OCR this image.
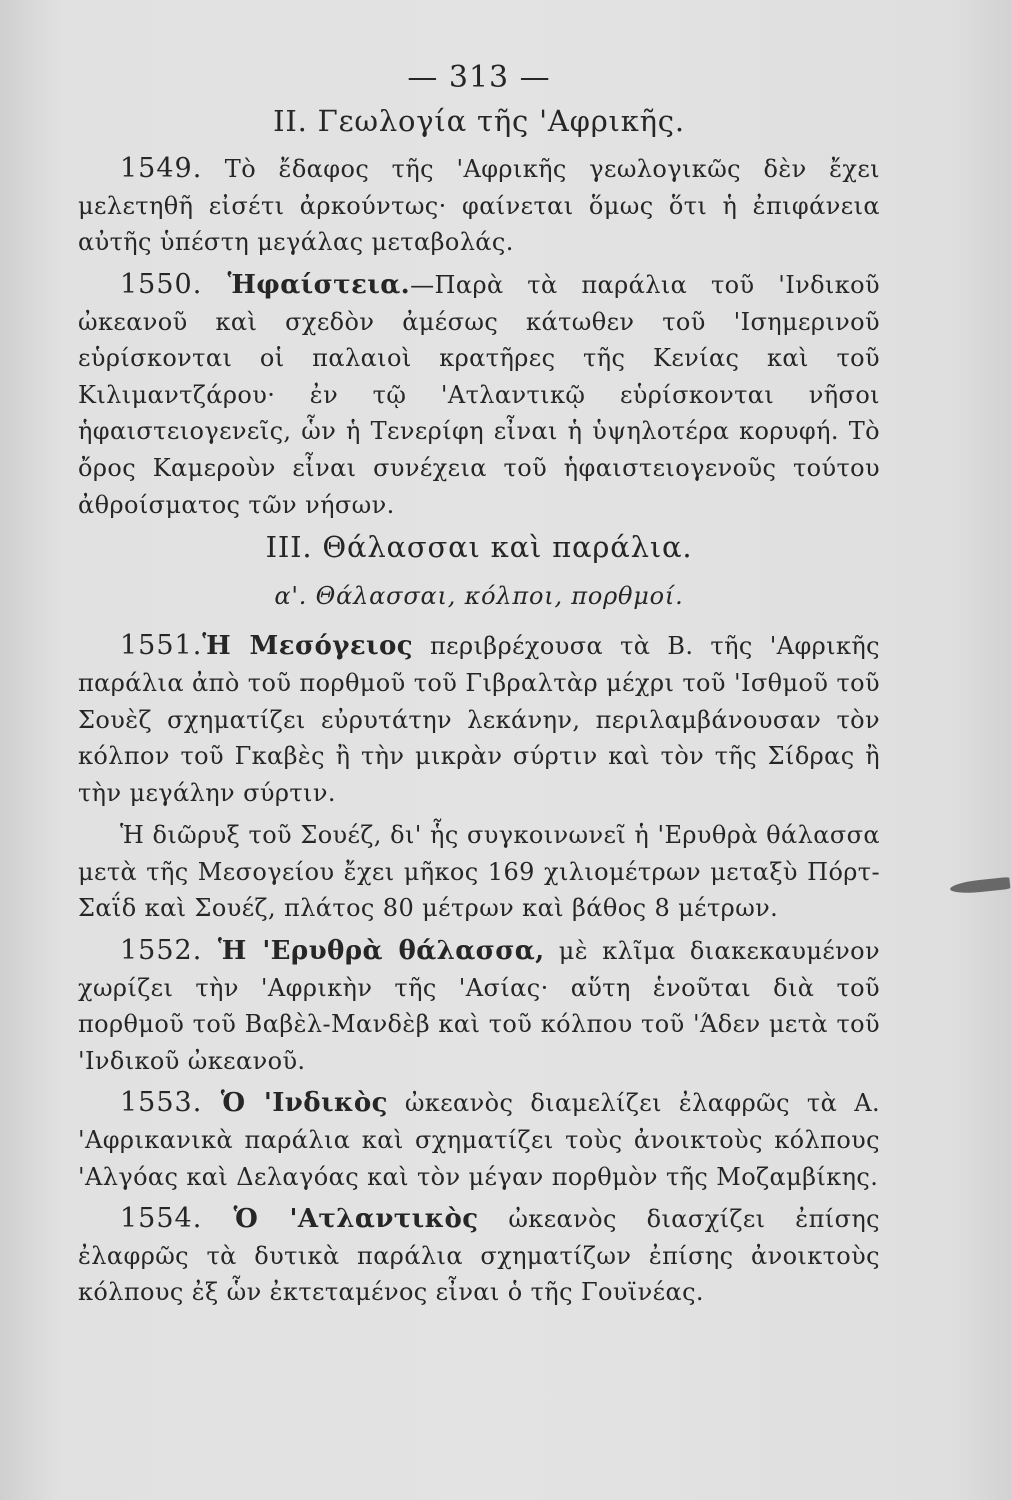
— 313 —
ΙΙ. Γεωλογία τῆς 'Αφρικῆς.

1549. Τὸ ἔδαφος τῆς 'Αφρικῆς γεωλογικῶς δὲν ἔχει μελετηθῆ εἰσέτι ἀρκούντως· φαίνεται ὅμως ὅτι ἡ ἐπιφάνεια αὐτῆς ὑπέστη μεγάλας μεταβολάς.

1550. Ἡφαίστεια.—Παρὰ τὰ παράλια τοῦ 'Ινδικοῦ ὠκεανοῦ καὶ σχεδὸν ἀμέσως κάτωθεν τοῦ 'Ισημερινοῦ εὑρίσκονται οἱ παλαιοὶ κρατῆρες τῆς Κενίας καὶ τοῦ Κιλιμαντζάρου· ἐν τῷ 'Ατλαντικῷ εὑρίσκονται νῆσοι ἡφαιστειογενεῖς, ὧν ἡ Τενερίφη εἶναι ἡ ὑψηλοτέρα κορυφή. Τὸ ὄρος Καμεροὺν εἶναι συνέχεια τοῦ ἡφαιστειογενοῦς τούτου ἀθροίσματος τῶν νήσων.

ΙΙΙ. Θάλασσαι καὶ παράλια.
α'. Θάλασσαι, κόλποι, πορθμοί.

1551.Ἡ Μεσόγειος περιβρέχουσα τὰ Β. τῆς 'Αφρικῆς παράλια ἀπὸ τοῦ πορθμοῦ τοῦ Γιβραλτὰρ μέχρι τοῦ 'Ισθμοῦ τοῦ Σουὲζ σχηματίζει εὐρυτάτην λεκάνην, περιλαμβάνουσαν τὸν κόλπον τοῦ Γκαβὲς ἢ τὴν μικρὰν σύρτιν καὶ τὸν τῆς Σίδρας ἢ τὴν μεγάλην σύρτιν.

Ἡ διῶρυξ τοῦ Σουέζ, δι' ἧς συγκοινωνεῖ ἡ 'Ερυθρὰ θάλασσα μετὰ τῆς Μεσογείου ἔχει μῆκος 169 χιλιομέτρων μεταξὺ Πόρτ-Σαΐδ καὶ Σουέζ, πλάτος 80 μέτρων καὶ βάθος 8 μέτρων.

1552. Ἡ 'Ερυθρὰ θάλασσα, μὲ κλῖμα διακεκαυμένον χωρίζει τὴν 'Αφρικὴν τῆς 'Ασίας· αὕτη ἑνοῦται διὰ τοῦ πορθμοῦ τοῦ Βαβὲλ-Μανδὲβ καὶ τοῦ κόλπου τοῦ 'Άδεν μετὰ τοῦ 'Ινδικοῦ ὠκεανοῦ.

1553. Ὁ 'Ινδικὸς ὠκεανὸς διαμελίζει ἐλαφρῶς τὰ Α. 'Αφρικανικὰ παράλια καὶ σχηματίζει τοὺς ἀνοικτοὺς κόλπους 'Αλγόας καὶ Δελαγόας καὶ τὸν μέγαν πορθμὸν τῆς Μοζαμβίκης.

1554. Ὁ 'Ατλαντικὸς ὠκεανὸς διασχίζει ἐπίσης ἐλαφρῶς τὰ δυτικὰ παράλια σχηματίζων ἐπίσης ἀνοικτοὺς κόλπους ἐξ ὧν ἐκτεταμένος εἶναι ὁ τῆς Γουϊνέας.
